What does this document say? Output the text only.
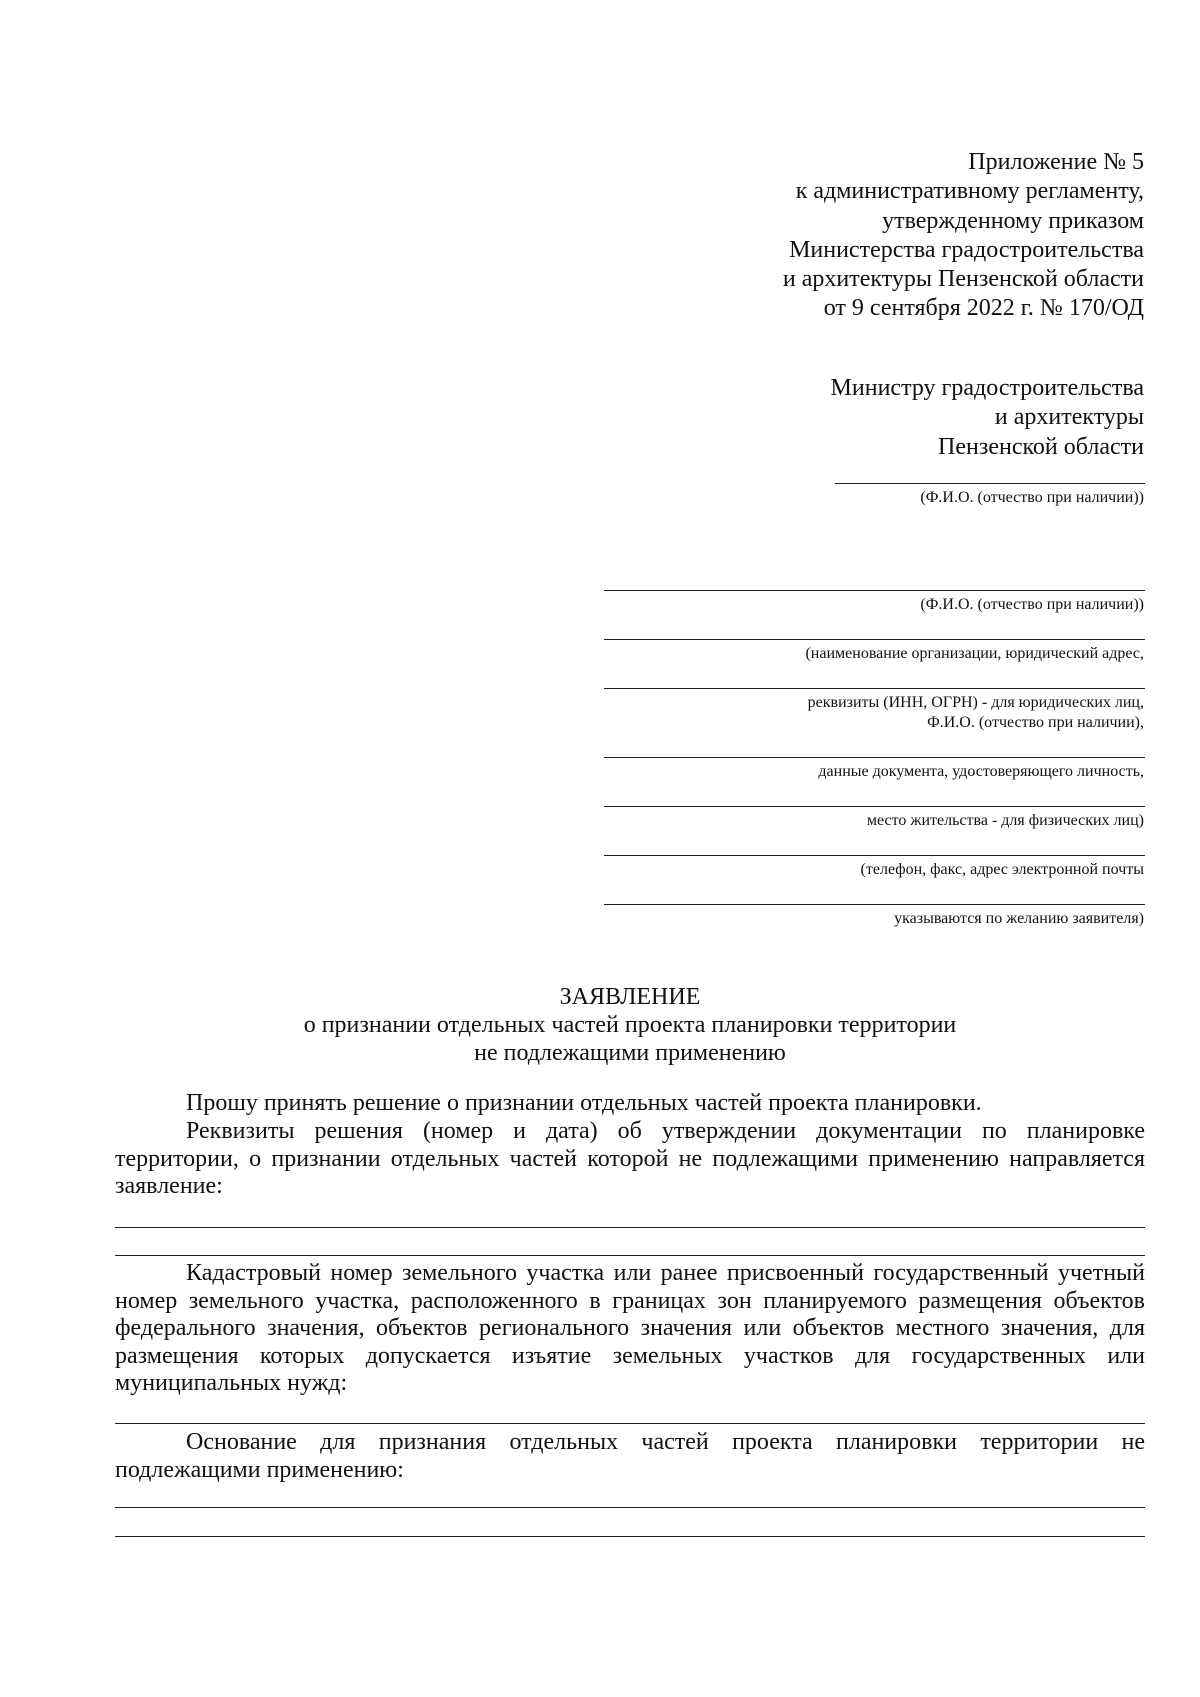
Приложение № 5
к административному регламенту,
утвержденному приказом
Министерства градостроительства
и архитектуры Пензенской области
от 9 сентября 2022 г. № 170/ОД
Министру градостроительства
и архитектуры
Пензенской области
(Ф.И.О. (отчество при наличии))
(Ф.И.О. (отчество при наличии))
(наименование организации, юридический адрес,
реквизиты (ИНН, ОГРН) - для юридических лиц,
Ф.И.О. (отчество при наличии),
данные документа, удостоверяющего личность,
место жительства - для физических лиц)
(телефон, факс, адрес электронной почты
указываются по желанию заявителя)
ЗАЯВЛЕНИЕ
о признании отдельных частей проекта планировки территории
не подлежащими применению
Прошу принять решение о признании отдельных частей проекта планировки.
Реквизиты решения (номер и дата) об утверждении документации по планировке территории, о признании отдельных частей которой не подлежащими применению направляется заявление:
Кадастровый номер земельного участка или ранее присвоенный государственный учетный номер земельного участка, расположенного в границах зон планируемого размещения объектов федерального значения, объектов регионального значения или объектов местного значения, для размещения которых допускается изъятие земельных участков для государственных или муниципальных нужд:
Основание для признания отдельных частей проекта планировки территории не подлежащими применению:
